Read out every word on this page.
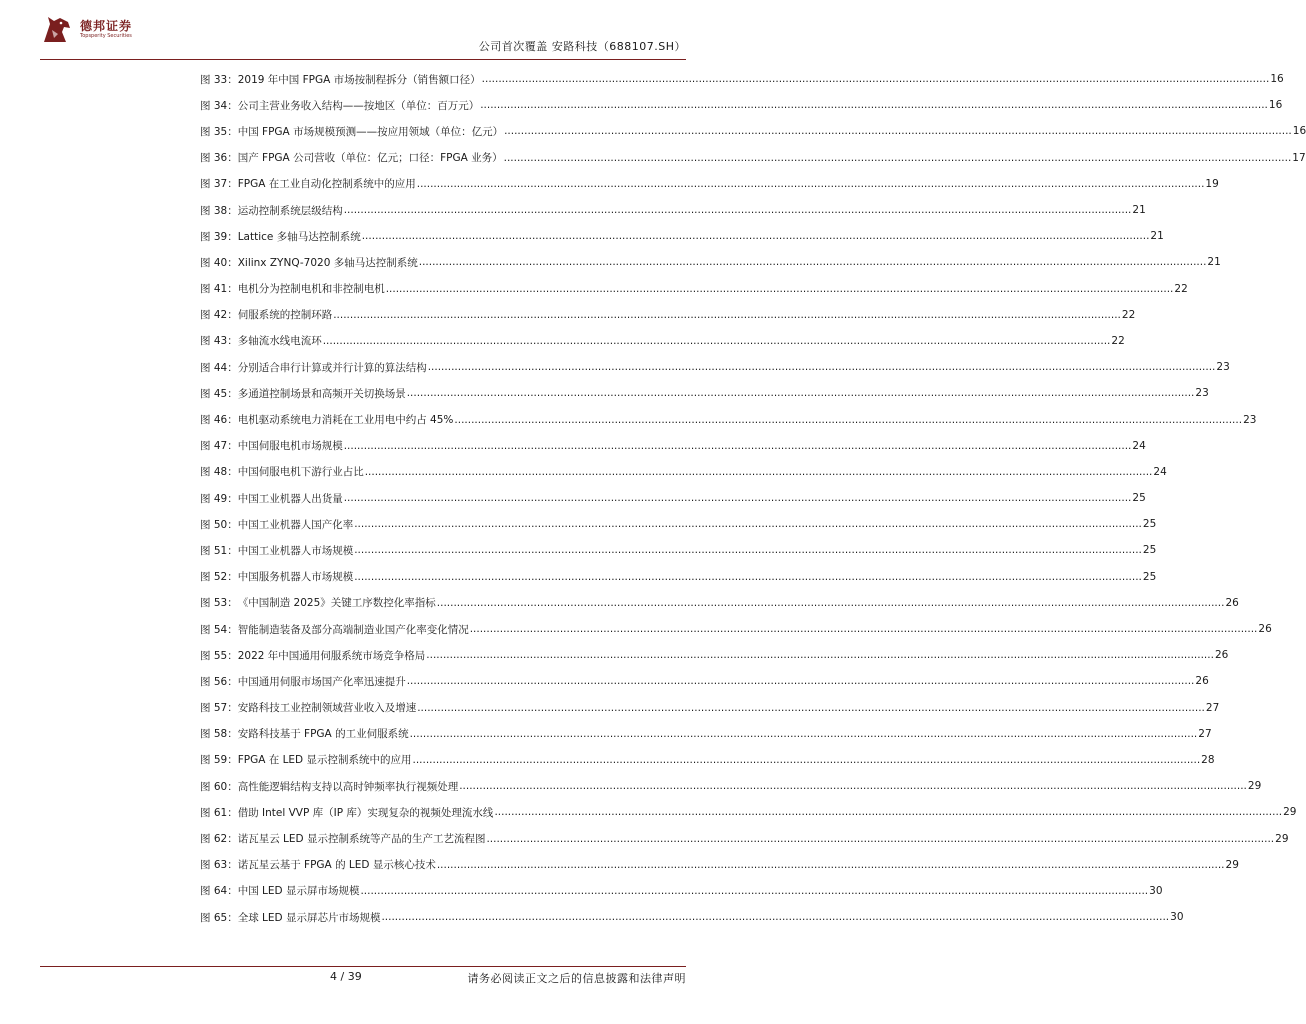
德邦证券
Topsperity Securities
公司首次覆盖 安路科技（688107.SH）
图 33： 2019 年中国 FPGA 市场按制程拆分（销售额口径） .....	16
图 34： 公司主营业务收入结构——按地区（单位：百万元） .....	16
图 35： 中国 FPGA 市场规模预测——按应用领域（单位：亿元） .....	16
图 36： 国产 FPGA 公司营收（单位：亿元；口径：FPGA 业务） .....	17
图 37： FPGA 在工业自动化控制系统中的应用 .....	19
图 38： 运动控制系统层级结构 .....	21
图 39： Lattice 多轴马达控制系统 .....	21
图 40： Xilinx ZYNQ-7020 多轴马达控制系统 .....	21
图 41： 电机分为控制电机和非控制电机 .....	22
图 42： 伺服系统的控制环路 .....	22
图 43： 多轴流水线电流环 .....	22
图 44： 分别适合串行计算或并行计算的算法结构 .....	23
图 45： 多通道控制场景和高频开关切换场景 .....	23
图 46： 电机驱动系统电力消耗在工业用电中约占 45% .....	23
图 47： 中国伺服电机市场规模 .....	24
图 48： 中国伺服电机下游行业占比 .....	24
图 49： 中国工业机器人出货量 .....	25
图 50： 中国工业机器人国产化率 .....	25
图 51： 中国工业机器人市场规模 .....	25
图 52： 中国服务机器人市场规模 .....	25
图 53： 《中国制造 2025》关键工序数控化率指标 .....	26
图 54： 智能制造装备及部分高端制造业国产化率变化情况 .....	26
图 55： 2022 年中国通用伺服系统市场竞争格局 .....	26
图 56： 中国通用伺服市场国产化率迅速提升 .....	26
图 57： 安路科技工业控制领域营业收入及增速 .....	27
图 58： 安路科技基于 FPGA 的工业伺服系统 .....	27
图 59： FPGA 在 LED 显示控制系统中的应用 .....	28
图 60： 高性能逻辑结构支持以高时钟频率执行视频处理 .....	29
图 61： 借助 Intel VVP 库（IP 库）实现复杂的视频处理流水线 .....	29
图 62： 诺瓦星云 LED 显示控制系统等产品的生产工艺流程图 .....	29
图 63： 诺瓦星云基于 FPGA 的 LED 显示核心技术 .....	29
图 64： 中国 LED 显示屏市场规模 .....	30
图 65： 全球 LED 显示屏芯片市场规模 .....	30
4 / 39	请务必阅读正文之后的信息披露和法律声明
